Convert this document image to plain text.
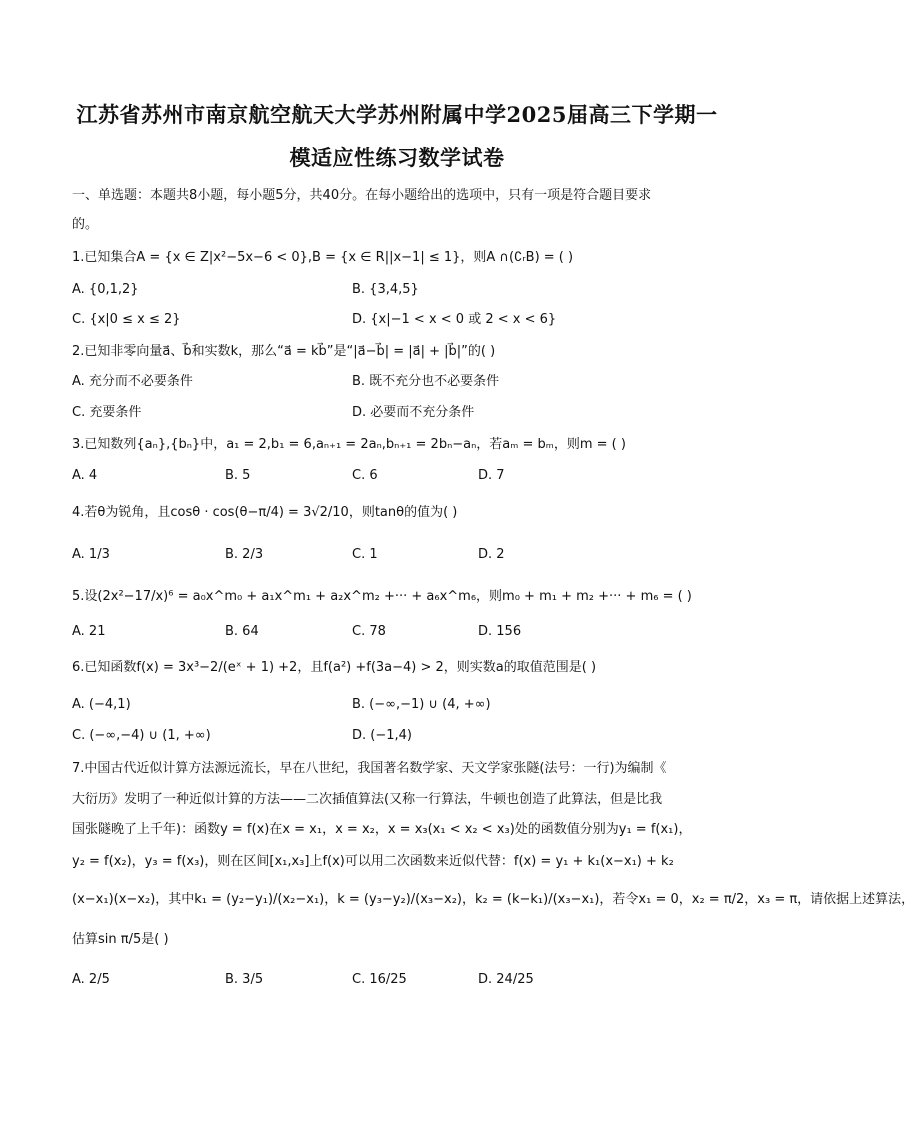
江苏省苏州市南京航空航天大学苏州附属中学2025届高三下学期一
模适应性练习数学试卷
一、单选题：本题共8小题，每小题5分，共40分。在每小题给出的选项中，只有一项是符合题目要求
的。
1.已知集合A = {x ∈ Z|x²−5x−6 < 0},B = {x ∈ R||x−1| ≤ 1}，则A ∩(∁ᵣB) = ( )
A. {0,1,2}	B. {3,4,5}
C. {x|0 ≤ x ≤ 2}	D. {x|−1 < x < 0 或 2 < x < 6}
2.已知非零向量a⃗、b⃗和实数k，那么“a⃗ = kb⃗”是“|a⃗−b⃗| = |a⃗| + |b⃗|”的( )
A. 充分而不必要条件	B. 既不充分也不必要条件
C. 充要条件	D. 必要而不充分条件
3.已知数列{aₙ},{bₙ}中，a₁ = 2,b₁ = 6,aₙ₊₁ = 2aₙ,bₙ₊₁ = 2bₙ−aₙ，若aₘ = bₘ，则m = ( )
A. 4	B. 5	C. 6	D. 7
4.若θ为锐角，且cosθ · cos(θ−π/4) = 3√2/10，则tanθ的值为( )
A. 1/3	B. 2/3	C. 1	D. 2
5.设(2x²−17/x)⁶ = a₀x^m₀ + a₁x^m₁ + a₂x^m₂ +··· + a₆x^m₆，则m₀ + m₁ + m₂ +··· + m₆ = ( )
A. 21	B. 64	C. 78	D. 156
6.已知函数f(x) = 3x³−2/(eˣ + 1) +2，且f(a²) +f(3a−4) > 2，则实数a的取值范围是( )
A. (−4,1)	B. (−∞,−1) ∪ (4, +∞)
C. (−∞,−4) ∪ (1, +∞)	D. (−1,4)
7.中国古代近似计算方法源远流长，早在八世纪，我国著名数学家、天文学家张隧(法号：一行)为编制《
大衍历》发明了一种近似计算的方法——二次插值算法(又称一行算法，牛顿也创造了此算法，但是比我
国张隧晚了上千年)：函数y = f(x)在x = x₁，x = x₂，x = x₃(x₁ < x₂ < x₃)处的函数值分别为y₁ = f(x₁)，
y₂ = f(x₂)，y₃ = f(x₃)，则在区间[x₁,x₃]上f(x)可以用二次函数来近似代替：f(x) = y₁ + k₁(x−x₁) + k₂
(x−x₁)(x−x₂)，其中k₁ = (y₂−y₁)/(x₂−x₁)，k = (y₃−y₂)/(x₃−x₂)，k₂ = (k−k₁)/(x₃−x₁)，若令x₁ = 0，x₂ = π/2，x₃ = π，请依据上述算法，
估算sin π/5是( )
A. 2/5	B. 3/5	C. 16/25	D. 24/25
